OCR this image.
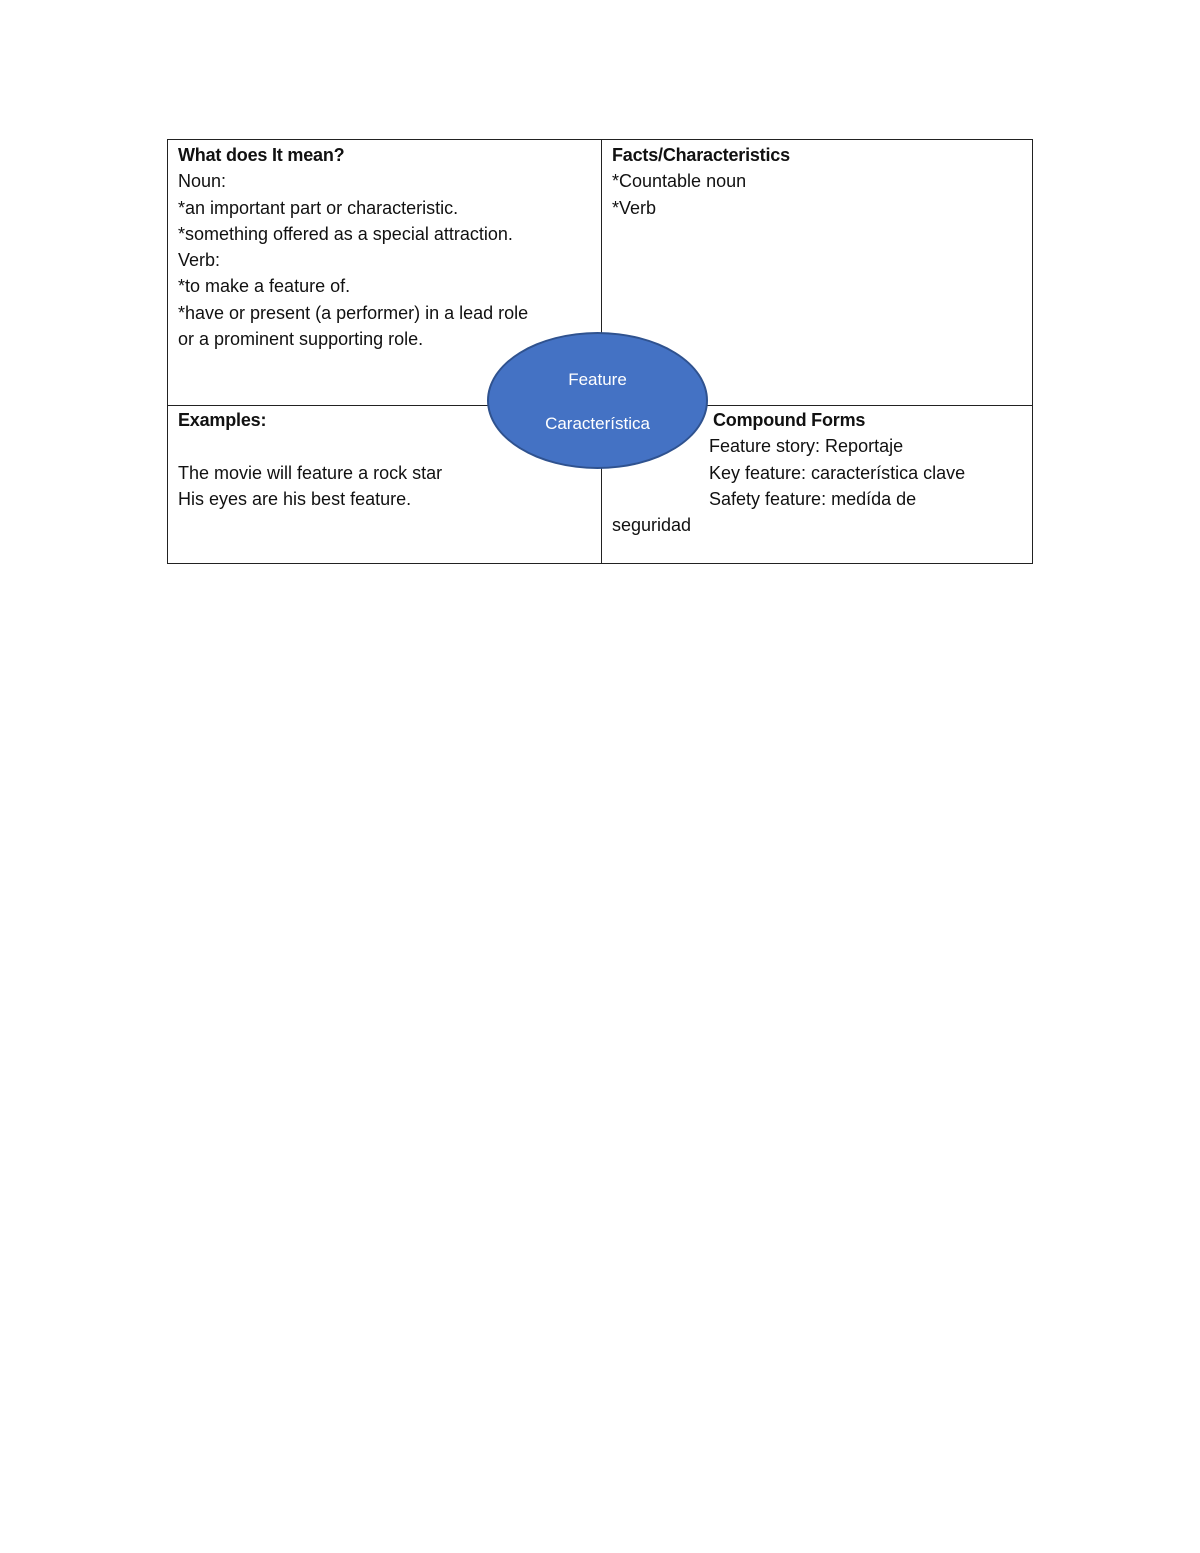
What does It mean?
Noun:
*an important part or characteristic.
*something offered as a special attraction.
Verb:
*to make a feature of.
*have or present (a performer) in a lead role
or a prominent supporting role.
Facts/Characteristics
*Countable noun
*Verb
Examples:
The movie will feature a rock star
His eyes are his best feature.
Compound Forms
Feature story: Reportaje
Key feature: característica clave
Safety feature: medída de
seguridad
Feature
Característica
